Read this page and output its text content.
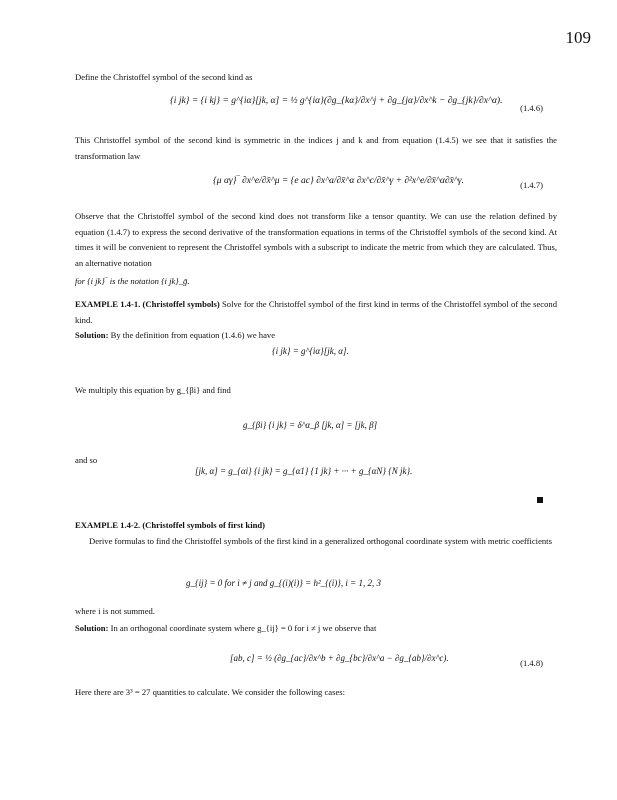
109
Define the Christoffel symbol of the second kind as
{i jk} = {i kj} = g^{iα}[jk, α] = ½ g^{iα}(∂g_{kα}/∂x^j + ∂g_{jα}/∂x^k − ∂g_{jk}/∂x^α).
(1.4.6)
This Christoffel symbol of the second kind is symmetric in the indices j and k and from equation (1.4.5) we see that it satisfies the transformation law
{μ αγ}‾ ∂x^e/∂x̄^μ = {e ac} ∂x^a/∂x̄^α ∂x^c/∂x̄^γ + ∂²x^e/∂x̄^α∂x̄^γ.	(1.4.7)
Observe that the Christoffel symbol of the second kind does not transform like a tensor quantity. We can use the relation defined by equation (1.4.7) to express the second derivative of the transformation equations in terms of the Christoffel symbols of the second kind. At times it will be convenient to represent the Christoffel symbols with a subscript to indicate the metric from which they are calculated. Thus, an alternative notation
for {i jk}‾ is the notation {i jk}_ḡ.
EXAMPLE 1.4-1. (Christoffel symbols) Solve for the Christoffel symbol of the first kind in terms of the Christoffel symbol of the second kind.
Solution: By the definition from equation (1.4.6) we have
{i jk} = g^{iα}[jk, α].
We multiply this equation by g_{βi} and find
g_{βi} {i jk} = δ^α_β [jk, α] = [jk, β]
and so
[jk, α] = g_{αi} {i jk} = g_{α1} {1 jk} + ··· + g_{αN} {N jk}.
EXAMPLE 1.4-2. (Christoffel symbols of first kind)
Derive formulas to find the Christoffel symbols of the first kind in a generalized orthogonal coordinate system with metric coefficients
g_{ij} = 0 for i ≠ j and g_{(i)(i)} = h²_{(i)}, i = 1, 2, 3
where i is not summed.
Solution: In an orthogonal coordinate system where g_{ij} = 0 for i ≠ j we observe that
[ab, c] = ½ (∂g_{ac}/∂x^b + ∂g_{bc}/∂x^a − ∂g_{ab}/∂x^c).	(1.4.8)
Here there are 3³ = 27 quantities to calculate. We consider the following cases:
